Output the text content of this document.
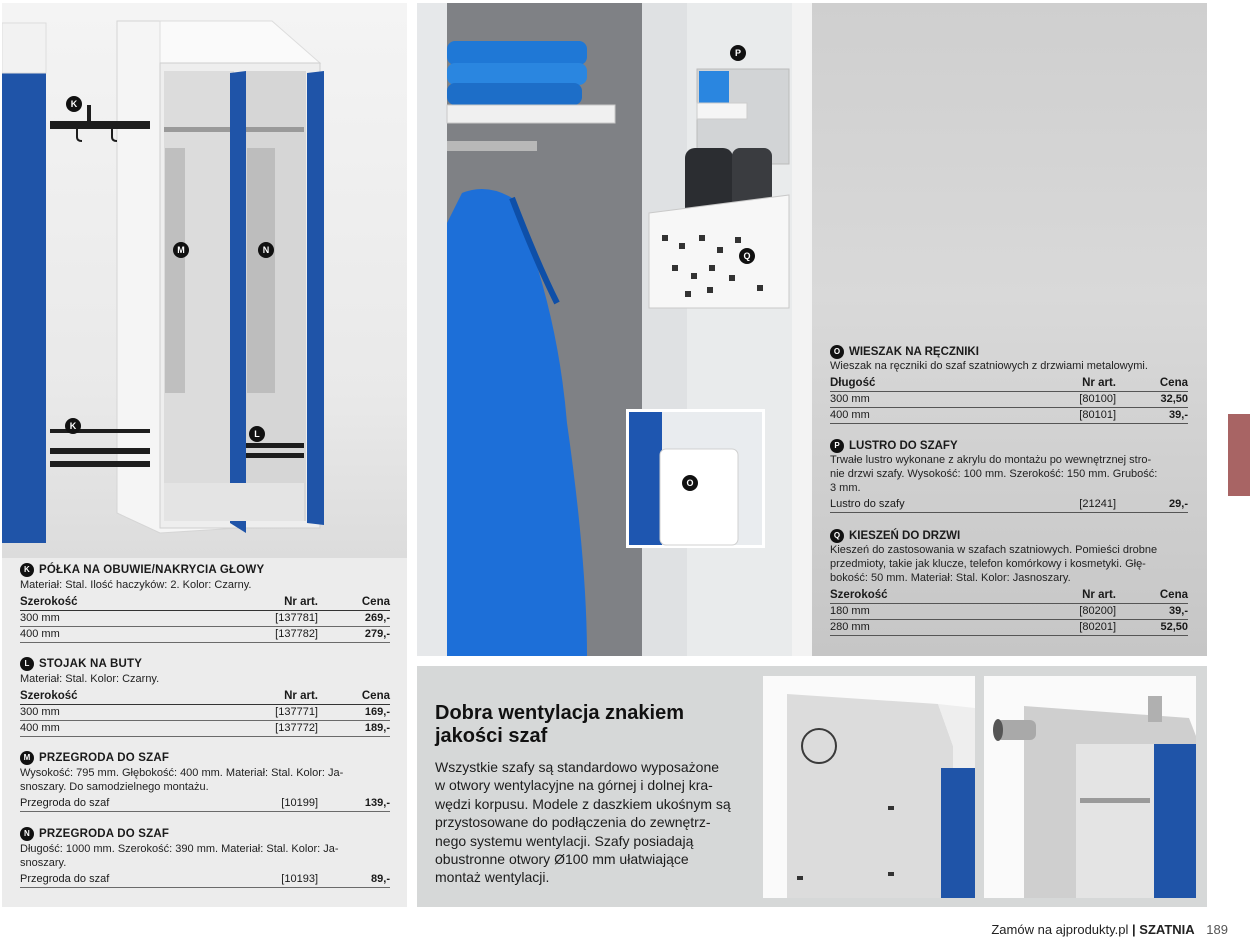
K
M	N
K
L
K PÓŁKA NA OBUWIE/NAKRYCIA GŁOWY
Materiał: Stal. Ilość haczyków: 2. Kolor: Czarny.
Szerokość	Nr art.	Cena
300 mm	[137781]	269,-
400 mm	[137782]	279,-
L STOJAK NA BUTY
Materiał: Stal. Kolor: Czarny.
Szerokość	Nr art.	Cena
300 mm	[137771]	169,-
400 mm	[137772]	189,-
M PRZEGRODA DO SZAF
Wysokość: 795 mm. Głębokość: 400 mm. Materiał: Stal. Kolor: Ja-
snoszary. Do samodzielnego montażu.
Przegroda do szaf	[10199]	139,-
N PRZEGRODA DO SZAF
Długość: 1000 mm. Szerokość: 390 mm. Materiał: Stal. Kolor: Ja-
snoszary.
Przegroda do szaf	[10193]	89,-
P
Q
O
O WIESZAK NA RĘCZNIKI
Wieszak na ręczniki do szaf szatniowych z drzwiami metalowymi.
Długość	Nr art.	Cena
300 mm	[80100]	32,50
400 mm	[80101]	39,-
P LUSTRO DO SZAFY
Trwałe lustro wykonane z akrylu do montażu po wewnętrznej stro-
nie drzwi szafy. Wysokość: 100 mm. Szerokość: 150 mm. Grubość:
3 mm.
Lustro do szafy	[21241]	29,-
Q KIESZEŃ DO DRZWI
Kieszeń do zastosowania w szafach szatniowych. Pomieści drobne
przedmioty, takie jak klucze, telefon komórkowy i kosmetyki. Głę-
bokość: 50 mm. Materiał: Stal. Kolor: Jasnoszary.
Szerokość	Nr art.	Cena
180 mm	[80200]	39,-
280 mm	[80201]	52,50
Dobra wentylacja znakiem
jakości szaf
Wszystkie szafy są standardowo wyposażone
w otwory wentylacyjne na górnej i dolnej kra-
wędzi korpusu. Modele z daszkiem ukośnym są
przystosowane do podłączenia do zewnętrz-
nego systemu wentylacji. Szafy posiadają
obustronne otwory Ø100 mm ułatwiające
montaż wentylacji.
Zamów na ajprodukty.pl | SZATNIA 189
